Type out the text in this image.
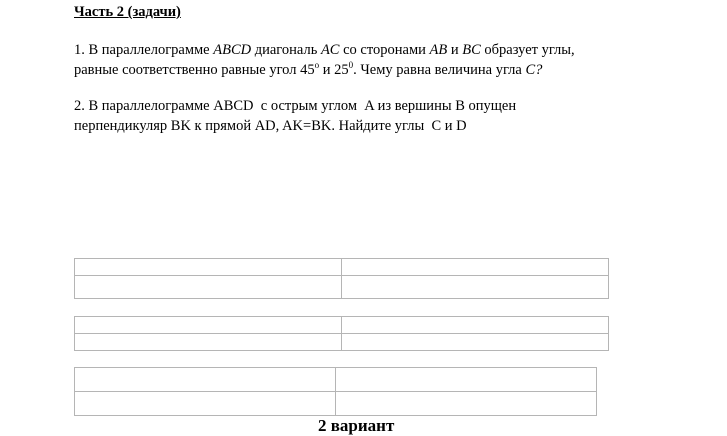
Часть 2 (задачи)
1. В параллелограмме ABCD диагональ AC со сторонами AB и BC образует углы,
равные соответственно равные угол 45$^o$ и $25^0$. Чему равна величина угла C?
2. В параллелограмме ABCD  с острым углом  A из вершины B опущен
перпендикуляр BK к прямой AD, AK=BK. Найдите углы  C и D

2 вариант
